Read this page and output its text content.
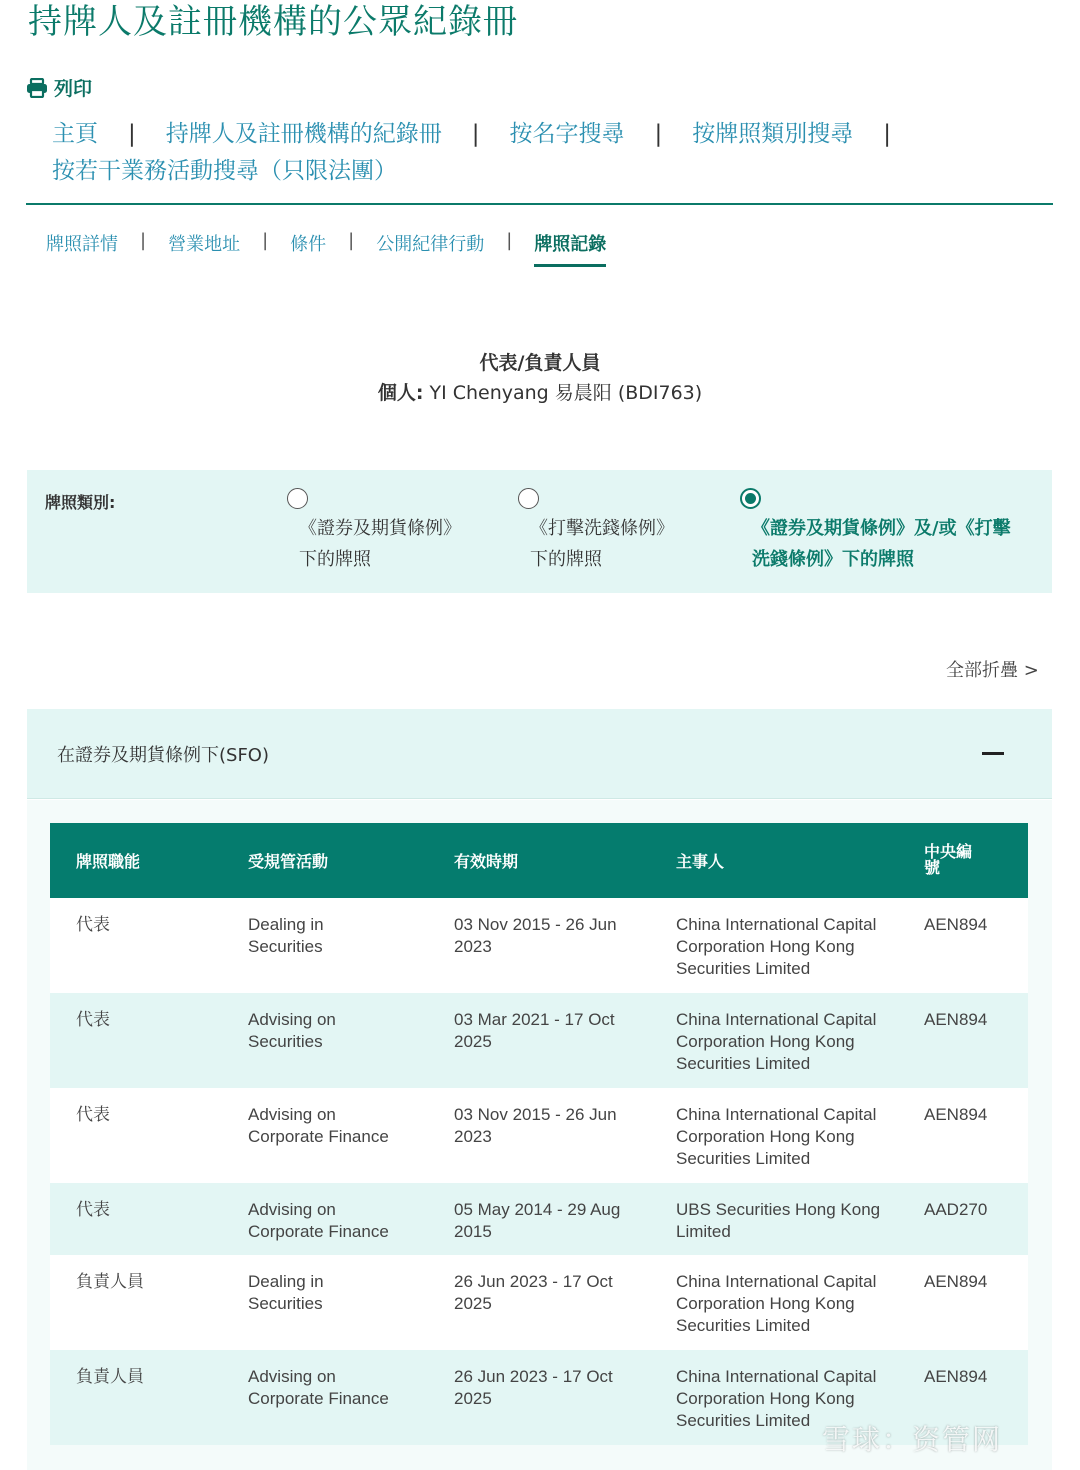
持牌人及註冊機構的公眾紀錄冊
列印
主頁 | 持牌人及註冊機構的紀錄冊 | 按名字搜尋 | 按牌照類別搜尋 |
按若干業務活動搜尋（只限法團）
牌照詳情 | 營業地址 | 條件 | 公開紀律行動 | 牌照記錄
代表/負責人員
個人: YI Chenyang 易晨阳 (BDI763)
牌照類別:
《證券及期貨條例》
下的牌照
《打擊洗錢條例》
下的牌照
《證券及期貨條例》及/或《打擊
洗錢條例》下的牌照
全部折疊 >
在證券及期貨條例下(SFO)
牌照職能	受規管活動	有效時期	主事人	中央編號
代表	Dealing in Securities	03 Nov 2015 - 26 Jun 2023	China International Capital Corporation Hong Kong Securities Limited	AEN894
代表	Advising on Securities	03 Mar 2021 - 17 Oct 2025	China International Capital Corporation Hong Kong Securities Limited	AEN894
代表	Advising on Corporate Finance	03 Nov 2015 - 26 Jun 2023	China International Capital Corporation Hong Kong Securities Limited	AEN894
代表	Advising on Corporate Finance	05 May 2014 - 29 Aug 2015	UBS Securities Hong Kong Limited	AAD270
負責人員	Dealing in Securities	26 Jun 2023 - 17 Oct 2025	China International Capital Corporation Hong Kong Securities Limited	AEN894
負責人員	Advising on Corporate Finance	26 Jun 2023 - 17 Oct 2025	China International Capital Corporation Hong Kong Securities Limited	AEN894
雪球：资管网
